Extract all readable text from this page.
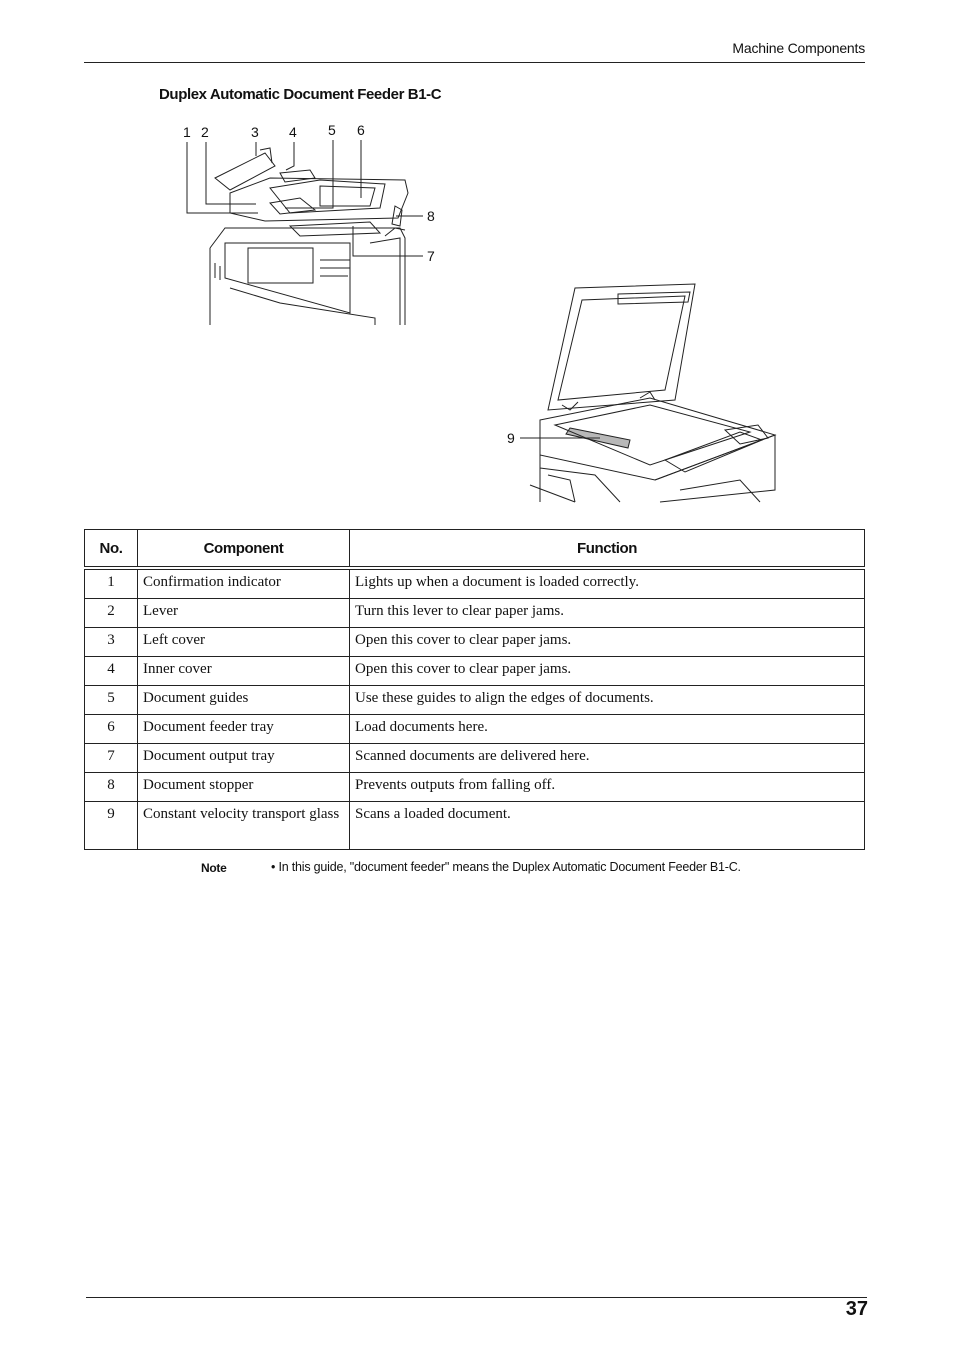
Machine Components
Duplex Automatic Document Feeder B1-C
1 2	3 4 5 6
8
7
9
No.	Component	Function
1	Confirmation indicator	Lights up when a document is loaded correctly.
2	Lever	Turn this lever to clear paper jams.
3	Left cover	Open this cover to clear paper jams.
4	Inner cover	Open this cover to clear paper jams.
5	Document guides	Use these guides to align the edges of documents.
6	Document feeder tray	Load documents here.
7	Document output tray	Scanned documents are delivered here.
8	Document stopper	Prevents outputs from falling off.
9	Constant velocity transport glass	Scans a loaded document.
Note	• In this guide, "document feeder" means the Duplex Automatic Document Feeder B1-C.
37
